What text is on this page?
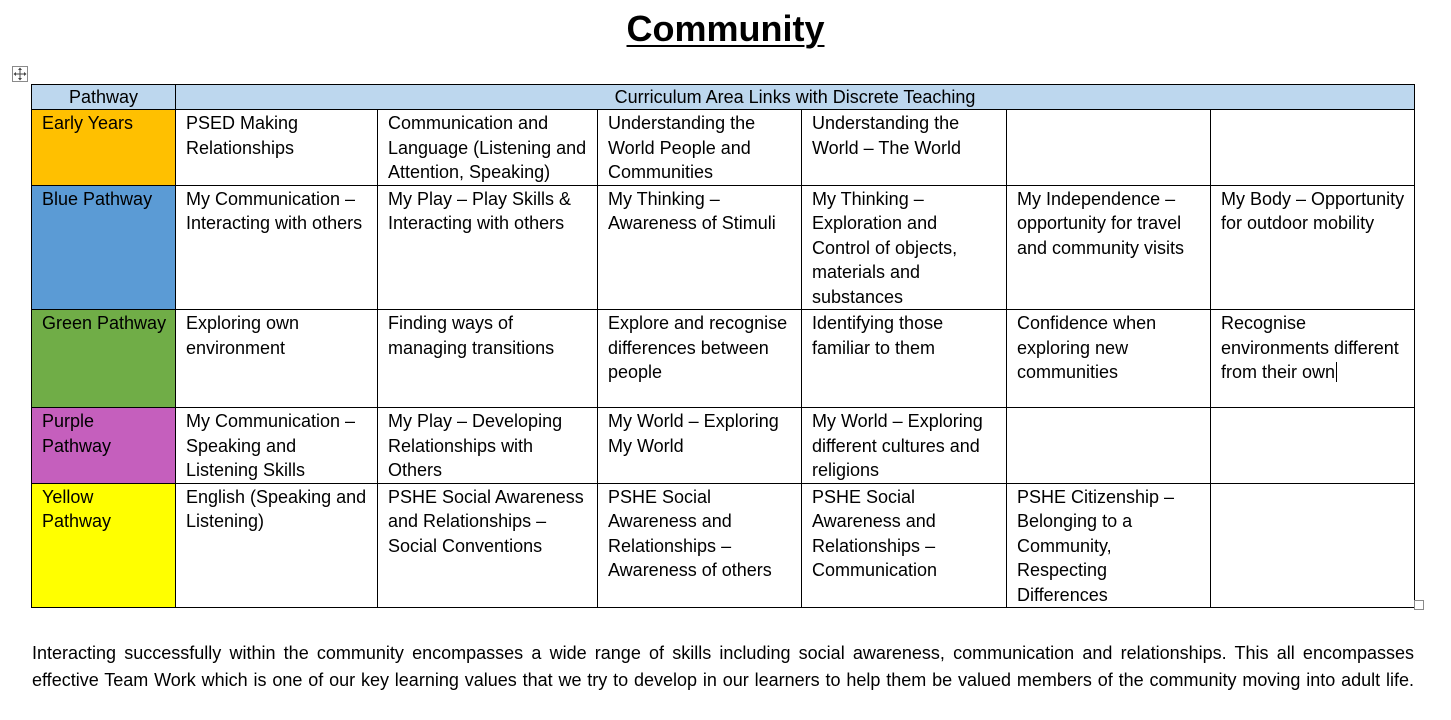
Community
Pathway	Curriculum Area Links with Discrete Teaching					
Early Years	PSED Making Relationships	Communication and Language (Listening and Attention, Speaking)	Understanding the World People and Communities	Understanding the World – The World		
Blue Pathway	My Communication – Interacting with others	My Play – Play Skills & Interacting with others	My Thinking – Awareness of Stimuli	My Thinking – Exploration and Control of objects, materials and substances	My Independence – opportunity for travel and community visits	My Body – Opportunity for outdoor mobility
Green Pathway	Exploring own environment	Finding ways of managing transitions	Explore and recognise differences between people	Identifying those familiar to them	Confidence when exploring new communities	Recognise environments different from their own
Purple Pathway	My Communication – Speaking and Listening Skills	My Play – Developing Relationships with Others	My World – Exploring My World	My World – Exploring different cultures and religions		
Yellow Pathway	English (Speaking and Listening)	PSHE Social Awareness and Relationships – Social Conventions	PSHE Social Awareness and Relationships – Awareness of others	PSHE Social Awareness and Relationships – Communication	PSHE Citizenship – Belonging to a Community, Respecting Differences	
Interacting successfully within the community encompasses a wide range of skills including social awareness, communication and relationships. This all encompasses
effective Team Work which is one of our key learning values that we try to develop in our learners to help them be valued members of the community moving into adult life.
